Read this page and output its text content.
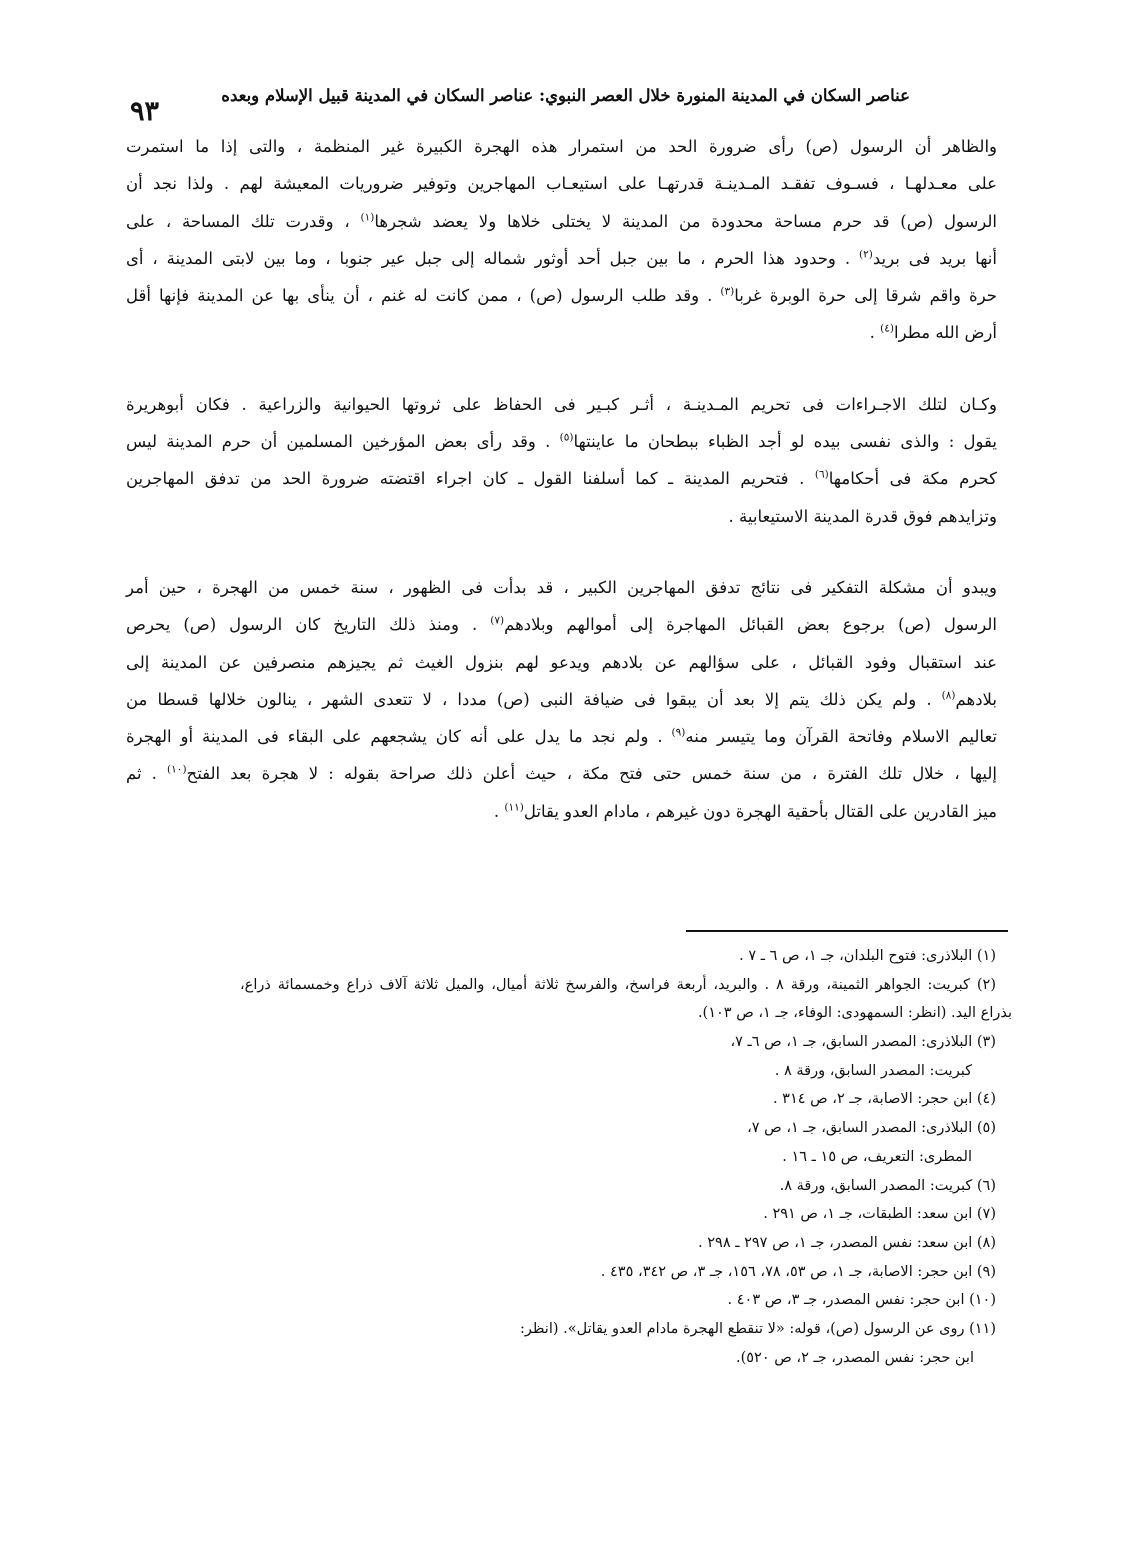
عناصر السكان في المدينة المنورة خلال العصر النبوي: عناصر السكان في المدينة قبيل الإسلام وبعده
٩٣
والظاهر أن الرسول (ص) رأى ضرورة الحد من استمرار هذه الهجرة الكبيرة غير المنظمة ، والتى إذا ما استمرت
على معـدلهـا ، فسـوف تفقـد المـدينـة قدرتهـا على استيعـاب المهاجرين وتوفير ضروريات المعيشة لهم . ولذا نجد أن
الرسول (ص) قد حرم مساحة محدودة من المدينة لا يختلى خلاها ولا يعضد شجرها$^{(١)}$ ، وقدرت تلك المساحة ، على
أنها بريد فى بريد$^{(٢)}$ . وحدود هذا الحرم ، ما بين جبل أحد أوثور شماله إلى جبل عير جنوبا ، وما بين لابتى المدينة ، أى
حرة واقم شرقا إلى حرة الوبرة غربا$^{(٣)}$ . وقد طلب الرسول (ص) ، ممن كانت له غنم ، أن ينأى بها عن المدينة فإنها أقل
أرض الله مطرا$^{(٤)}$ .
وكـان لتلك الاجـراءات فى تحريم المـدينـة ، أثـر كبـير فى الحفاظ على ثروتها الحيوانية والزراعية . فكان أبوهريرة
يقول : والذى نفسى بيده لو أجد الظباء ببطحان ما عاينتها$^{(٥)}$ . وقد رأى بعض المؤرخين المسلمين أن حرم المدينة ليس
كحرم مكة فى أحكامها$^{(٦)}$ . فتحريم المدينة ـ كما أسلفنا القول ـ كان اجراء اقتضته ضرورة الحد من تدفق المهاجرين
وتزايدهم فوق قدرة المدينة الاستيعابية .
ويبدو أن مشكلة التفكير فى نتائج تدفق المهاجرين الكبير ، قد بدأت فى الظهور ، سنة خمس من الهجرة ، حين أمر
الرسول (ص) برجوع بعض القبائل المهاجرة إلى أموالهم وبلادهم$^{(٧)}$ . ومنذ ذلك التاريخ كان الرسول (ص) يحرص
عند استقبال وفود القبائل ، على سؤالهم عن بلادهم ويدعو لهم بنزول الغيث ثم يجيزهم منصرفين عن المدينة إلى
بلادهم$^{(٨)}$ . ولم يكن ذلك يتم إلا بعد أن يبقوا فى ضيافة النبى (ص) مددا ، لا تتعدى الشهر ، ينالون خلالها قسطا من
تعاليم الاسلام وفاتحة القرآن وما يتيسر منه$^{(٩)}$ . ولم نجد ما يدل على أنه كان يشجعهم على البقاء فى المدينة أو الهجرة
إليها ، خلال تلك الفترة ، من سنة خمس حتى فتح مكة ، حيث أعلن ذلك صراحة بقوله : لا هجرة بعد الفتح$^{(١٠)}$ . ثم
ميز القادرين على القتال بأحقية الهجرة دون غيرهم ، مادام العدو يقاتل$^{(١١)}$ .
(١) البلاذرى: فتوح البلدان، جـ ١، ص ٦ ـ ٧ .
(٢) كبريت: الجواهر الثمينة، ورقة ٨ . والبريد، أربعة فراسخ، والفرسخ ثلاثة أميال، والميل ثلاثة آلاف ذراع وخمسمائة ذراع،
بذراع اليد. (انظر: السمهودى: الوفاء، جـ ١، ص ١٠٣).
(٣) البلاذرى: المصدر السابق، جـ ١، ص ٦ـ ٧،
كبريت: المصدر السابق، ورقة ٨ .
(٤) ابن حجر: الاصابة، جـ ٢، ص ٣١٤ .
(٥) البلاذرى: المصدر السابق، جـ ١، ص ٧،
المطرى: التعريف، ص ١٥ ـ ١٦ .
(٦) كبريت: المصدر السابق، ورقة ٨.
(٧) ابن سعد: الطبقات، جـ ١، ص ٢٩١ .
(٨) ابن سعد: نفس المصدر، جـ ١، ص ٢٩٧ ـ ٢٩٨ .
(٩) ابن حجر: الاصابة، جـ ١، ص ٥٣، ٧٨، ١٥٦، جـ ٣، ص ٣٤٢، ٤٣٥ .
(١٠) ابن حجر: نفس المصدر، جـ ٣، ص ٤٠٣ .
(١١) روى عن الرسول (ص)، قوله: «لا تنقطع الهجرة مادام العدو يقاتل». (انظر:
ابن حجر: نفس المصدر، جـ ٢، ص ٥٢٠).
